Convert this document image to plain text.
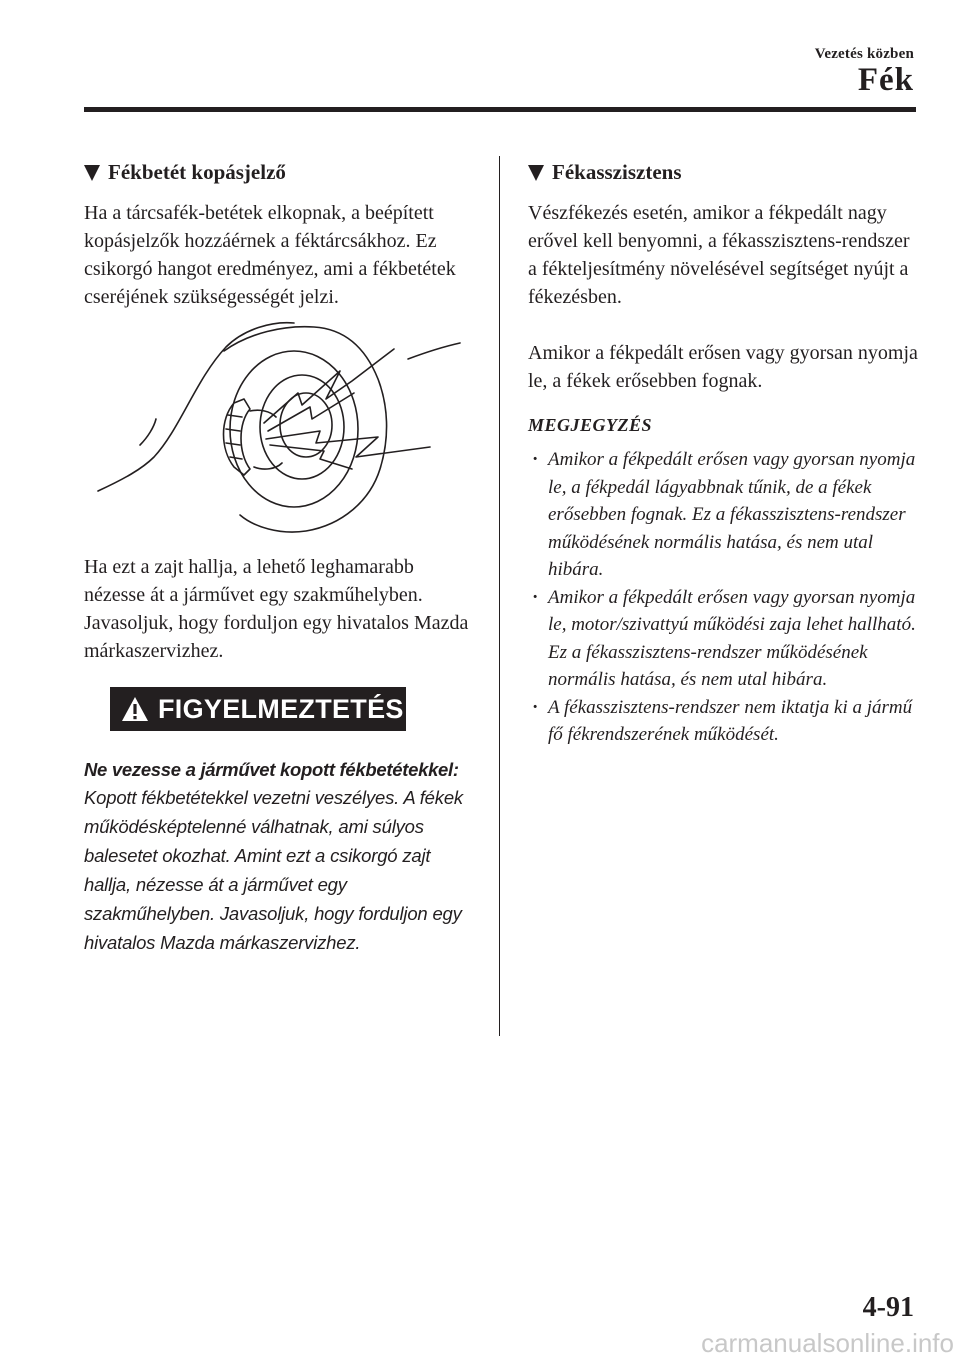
Vezetés közben
Fék
Fékbetét kopásjelző

Ha a tárcsafék-betétek elkopnak, a beépített kopásjelzők hozzáérnek a féktárcsákhoz. Ez csikorgó hangot eredményez, ami a fékbetétek cseréjének szükségességét jelzi.

Ha ezt a zajt hallja, a lehető leghamarabb nézesse át a járművet egy szakműhelyben. Javasoljuk, hogy forduljon egy hivatalos Mazda márkaszervizhez.

FIGYELMEZTETÉS

Ne vezesse a járművet kopott fékbetétekkel:

Kopott fékbetétekkel vezetni veszélyes. A fékek működésképtelenné válhatnak, ami súlyos balesetet okozhat. Amint ezt a csikorgó zajt hallja, nézesse át a járművet egy szakműhelyben. Javasoljuk, hogy forduljon egy hivatalos Mazda márkaszervizhez.

Fékasszisztens

Vészfékezés esetén, amikor a fékpedált nagy erővel kell benyomni, a fékasszisztens-rendszer a fékteljesítmény növelésével segítséget nyújt a fékezésben.

Amikor a fékpedált erősen vagy gyorsan nyomja le, a fékek erősebben fognak.

MEGJEGYZÉS
· Amikor a fékpedált erősen vagy gyorsan nyomja le, a fékpedál lágyabbnak tűnik, de a fékek erősebben fognak. Ez a fékasszisztens-rendszer működésének normális hatása, és nem utal hibára.
· Amikor a fékpedált erősen vagy gyorsan nyomja le, motor/szivattyú működési zaja lehet hallható. Ez a fékasszisztens-rendszer működésének normális hatása, és nem utal hibára.
· A fékasszisztens-rendszer nem iktatja ki a jármű fő fékrendszerének működését.
4-91
carmanualsonline.info
